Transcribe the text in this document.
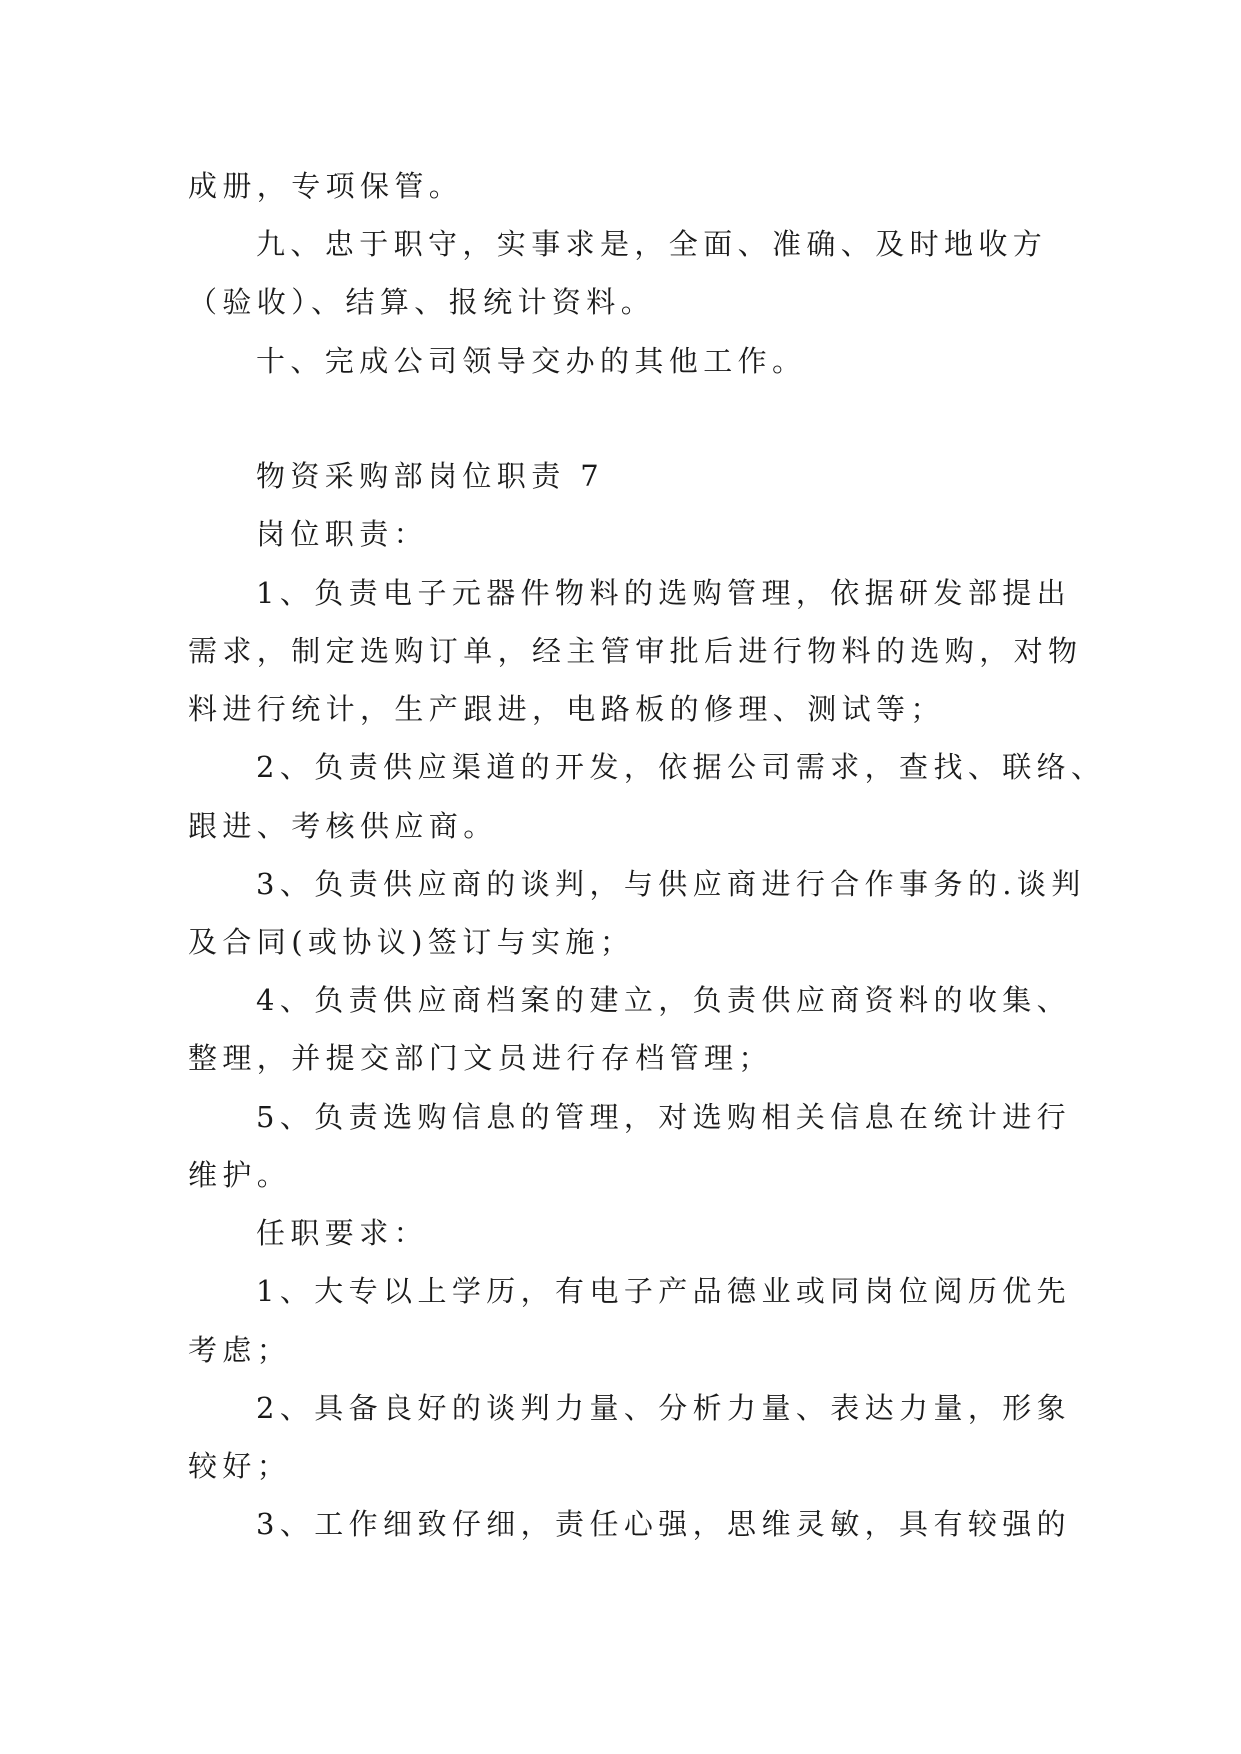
成册，专项保管。
九、忠于职守，实事求是，全面、准确、及时地收方
（验收）、结算、报统计资料。
十、完成公司领导交办的其他工作。
物资采购部岗位职责 7
岗位职责：
1、负责电子元器件物料的选购管理，依据研发部提出
需求，制定选购订单，经主管审批后进行物料的选购，对物
料进行统计，生产跟进，电路板的修理、测试等；
2、负责供应渠道的开发，依据公司需求，查找、联络、
跟进、考核供应商。
3、负责供应商的谈判，与供应商进行合作事务的.谈判
及合同(或协议)签订与实施；
4、负责供应商档案的建立，负责供应商资料的收集、
整理，并提交部门文员进行存档管理；
5、负责选购信息的管理，对选购相关信息在统计进行
维护。
任职要求：
1、大专以上学历，有电子产品德业或同岗位阅历优先
考虑；
2、具备良好的谈判力量、分析力量、表达力量，形象
较好；
3、工作细致仔细，责任心强，思维灵敏，具有较强的
